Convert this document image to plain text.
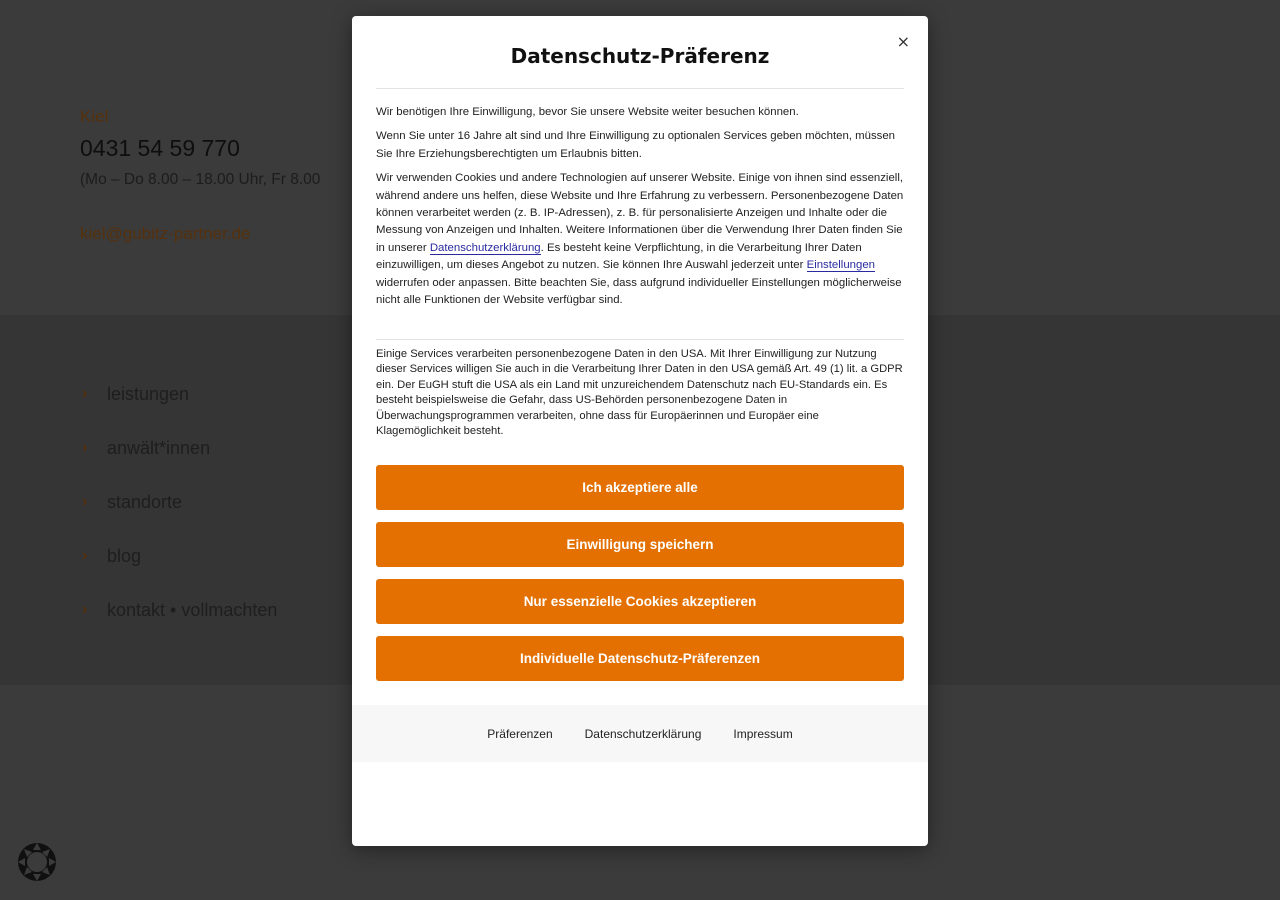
Kiel
0431 54 59 770
(Mo – Do 8.00 – 18.00 Uhr, Fr 8.00
kiel@gubitz-partner.de
›	leistungen
›	anwält*innen
›	standorte
›	blog
›	kontakt • vollmachten
×
Datenschutz-Präferenz

Wir benötigen Ihre Einwilligung, bevor Sie unsere Website weiter besuchen können.

Wenn Sie unter 16 Jahre alt sind und Ihre Einwilligung zu optionalen Services geben möchten, müssen Sie Ihre Erziehungsberechtigten um Erlaubnis bitten.

Wir verwenden Cookies und andere Technologien auf unserer Website. Einige von ihnen sind essenziell, während andere uns helfen, diese Website und Ihre Erfahrung zu verbessern. Personenbezogene Daten können verarbeitet werden (z. B. IP-Adressen), z. B. für personalisierte Anzeigen und Inhalte oder die Messung von Anzeigen und Inhalten. Weitere Informationen über die Verwendung Ihrer Daten finden Sie in unserer Datenschutzerklärung. Es besteht keine Verpflichtung, in die Verarbeitung Ihrer Daten einzuwilligen, um dieses Angebot zu nutzen. Sie können Ihre Auswahl jederzeit unter Einstellungen widerrufen oder anpassen. Bitte beachten Sie, dass aufgrund individueller Einstellungen möglicherweise nicht alle Funktionen der Website verfügbar sind.

Einige Services verarbeiten personenbezogene Daten in den USA. Mit Ihrer Einwilligung zur Nutzung dieser Services willigen Sie auch in die Verarbeitung Ihrer Daten in den USA gemäß Art. 49 (1) lit. a GDPR ein. Der EuGH stuft die USA als ein Land mit unzureichendem Datenschutz nach EU-Standards ein. Es besteht beispielsweise die Gefahr, dass US-Behörden personenbezogene Daten in Überwachungsprogrammen verarbeiten, ohne dass für Europäerinnen und Europäer eine Klagemöglichkeit besteht.
Ich akzeptiere alle
Einwilligung speichern
Nur essenzielle Cookies akzeptieren
Individuelle Datenschutz-Präferenzen
Präferenzen	Datenschutzerklärung	Impressum
